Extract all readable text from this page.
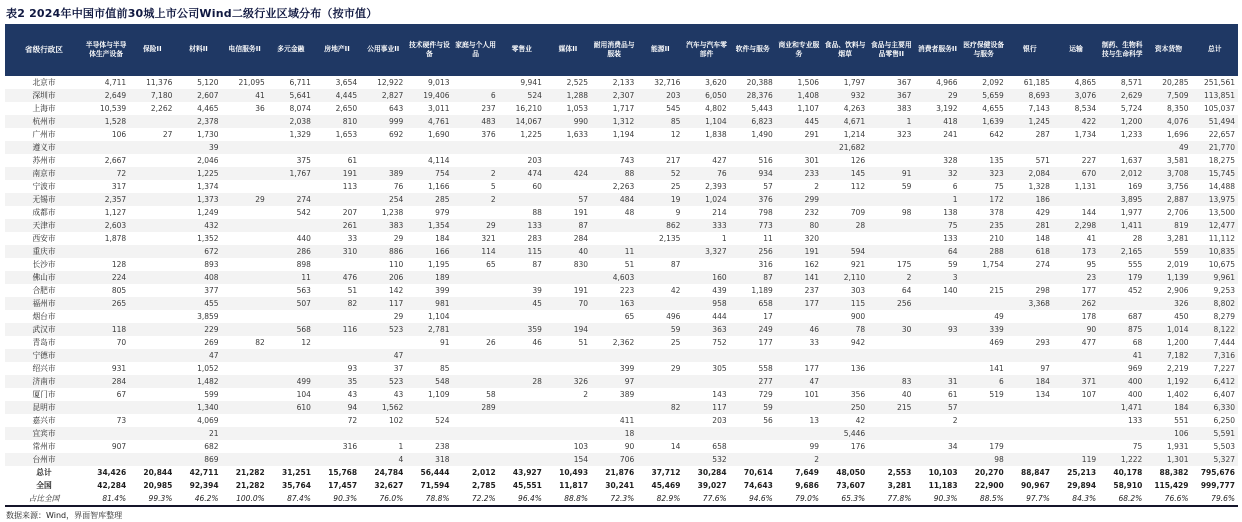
表2 2024年中国市值前30城上市公司Wind二级行业区域分布（按市值）
省级行政区	半导体与半导体生产设备	保险II	材料II	电信服务II	多元金融	房地产II	公用事业II	技术硬件与设备	家庭与个人用品	零售业	媒体II	耐用消费品与服装	能源II	汽车与汽车零部件	软件与服务	商业和专业服务	食品、饮料与烟草	食品与主要用品零售II	消费者服务II	医疗保健设备与服务	银行	运输	制药、生物科技与生命科学	资本货物	总计
北京市	4,711	11,376	5,120	21,095	6,711	3,654	12,922	9,013		9,941	2,525	2,133	32,716	3,620	20,388	1,506	1,797	367	4,966	2,092	61,185	4,865	8,571	20,285	251,561
深圳市	2,649	7,180	2,607	41	5,641	4,445	2,827	19,406	6	524	1,288	2,307	203	6,050	28,376	1,408	932	367	29	5,659	8,693	3,076	2,629	7,509	113,851
上海市	10,539	2,262	4,465	36	8,074	2,650	643	3,011	237	16,210	1,053	1,717	545	4,802	5,443	1,107	4,263	383	3,192	4,655	7,143	8,534	5,724	8,350	105,037
杭州市	1,528		2,378		2,038	810	999	4,761	483	14,067	990	1,312	85	1,104	6,823	445	4,671	1	418	1,639	1,245	422	1,200	4,076	51,494
广州市	106	27	1,730		1,329	1,653	692	1,690	376	1,225	1,633	1,194	12	1,838	1,490	291	1,214	323	241	642	287	1,734	1,233	1,696	22,657
遵义市			39														21,682							49	21,770
苏州市	2,667		2,046		375	61		4,114		203		743	217	427	516	301	126		328	135	571	227	1,637	3,581	18,275
南京市	72		1,225		1,767	191	389	754	2	474	424	88	52	76	934	233	145	91	32	323	2,084	670	2,012	3,708	15,745
宁波市	317		1,374			113	76	1,166	5	60		2,263	25	2,393	57	2	112	59	6	75	1,328	1,131	169	3,756	14,488
无锡市	2,357		1,373	29	274		254	285	2		57	484	19	1,024	376	299			1	172	186		3,895	2,887	13,975
成都市	1,127		1,249		542	207	1,238	979		88	191	48	9	214	798	232	709	98	138	378	429	144	1,977	2,706	13,500
天津市	2,603		432			261	383	1,354	29	133	87		862	333	773	80	28		75	235	281	2,298	1,411	819	12,477
西安市	1,878		1,352		440	33	29	184	321	283	284		2,135	1	11	320			133	210	148	41	28	3,281	11,112
重庆市			672		286	310	886	166	114	115	40	11		3,327	256	191	594		64	288	618	173	2,165	559	10,835
长沙市	128		893		898		110	1,195	65	87	830	51	87		316	162	921	175	59	1,754	274	95	555	2,019	10,675
佛山市	224		408		11	476	206	189				4,603		160	87	141	2,110	2	3			23	179	1,139	9,961
合肥市	805		377		563	51	142	399		39	191	223	42	439	1,189	237	303	64	140	215	298	177	452	2,906	9,253
福州市	265		455		507	82	117	981		45	70	163		958	658	177	115	256			3,368	262		326	8,802
烟台市			3,859				29	1,104				65	496	444	17		900			49		178	687	450	8,279
武汉市	118		229		568	116	523	2,781		359	194		59	363	249	46	78	30	93	339		90	875	1,014	8,122
青岛市	70		269	82	12			91	26	46	51	2,362	25	752	177	33	942			469	293	477	68	1,200	7,444
宁德市			47				47																41	7,182	7,316
绍兴市	931		1,052			93	37	85				399	29	305	558	177	136			141	97		969	2,219	7,227
济南市	284		1,482		499	35	523	548		28	326	97			277	47		83	31	6	184	371	400	1,192	6,412
厦门市	67		599		104	43	43	1,109	58		2	389		143	729	101	356	40	61	519	134	107	400	1,402	6,407
昆明市			1,340		610	94	1,562		289				82	117	59		250	215	57				1,471	184	6,330
嘉兴市	73		4,069			72	102	524				411		203	56	13	42		2				133	551	6,250
宜宾市			21									18					5,446							106	5,591
常州市	907		682			316	1	238			103	90	14	658		99	176		34	179			75	1,931	5,503
台州市			869				4	318			154	706		532		2				98		119	1,222	1,301	5,327
总计	34,426	20,844	42,711	21,282	31,251	15,768	24,784	56,444	2,012	43,927	10,493	21,876	37,712	30,284	70,614	7,649	48,050	2,553	10,103	20,270	88,847	25,213	40,178	88,382	795,676
全国	42,284	20,985	92,394	21,282	35,764	17,457	32,627	71,594	2,785	45,551	11,817	30,241	45,469	39,027	74,643	9,686	73,607	3,281	11,183	22,900	90,967	29,894	58,910	115,429	999,777
占比全国	81.4%	99.3%	46.2%	100.0%	87.4%	90.3%	76.0%	78.8%	72.2%	96.4%	88.8%	72.3%	82.9%	77.6%	94.6%	79.0%	65.3%	77.8%	90.3%	88.5%	97.7%	84.3%	68.2%	76.6%	79.6%
数据来源：Wind，界面智库整理
